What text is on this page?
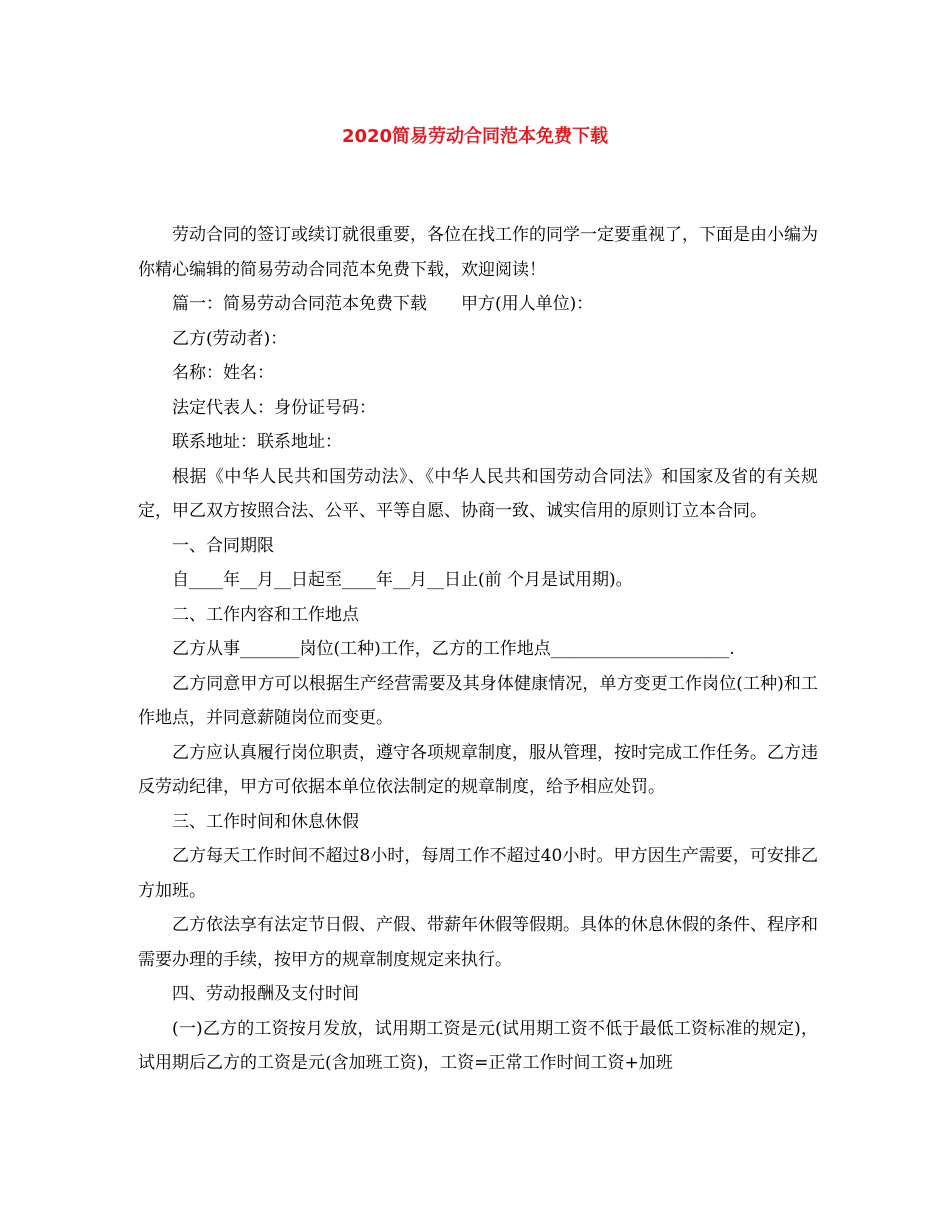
2020简易劳动合同范本免费下载

劳动合同的签订或续订就很重要，各位在找工作的同学一定要重视了，下面是由小编为你精心编辑的简易劳动合同范本免费下载，欢迎阅读！

篇一：简易劳动合同范本免费下载　　甲方(用人单位)：

乙方(劳动者)：

名称：姓名：

法定代表人：身份证号码：

联系地址：联系地址：

根据《中华人民共和国劳动法》、《中华人民共和国劳动合同法》和国家及省的有关规定，甲乙双方按照合法、公平、平等自愿、协商一致、诚实信用的原则订立本合同。

一、合同期限

自____年__月__日起至____年__月__日止(前 个月是试用期)。

二、工作内容和工作地点

乙方从事_______岗位(工种)工作，乙方的工作地点_____________________.

乙方同意甲方可以根据生产经营需要及其身体健康情况，单方变更工作岗位(工种)和工作地点，并同意薪随岗位而变更。

乙方应认真履行岗位职责，遵守各项规章制度，服从管理，按时完成工作任务。乙方违反劳动纪律，甲方可依据本单位依法制定的规章制度，给予相应处罚。

三、工作时间和休息休假

乙方每天工作时间不超过8小时，每周工作不超过40小时。甲方因生产需要，可安排乙方加班。

乙方依法享有法定节日假、产假、带薪年休假等假期。具体的休息休假的条件、程序和需要办理的手续，按甲方的规章制度规定来执行。

四、劳动报酬及支付时间

(一)乙方的工资按月发放，试用期工资是元(试用期工资不低于最低工资标准的规定)，试用期后乙方的工资是元(含加班工资)，工资=正常工作时间工资+加班
